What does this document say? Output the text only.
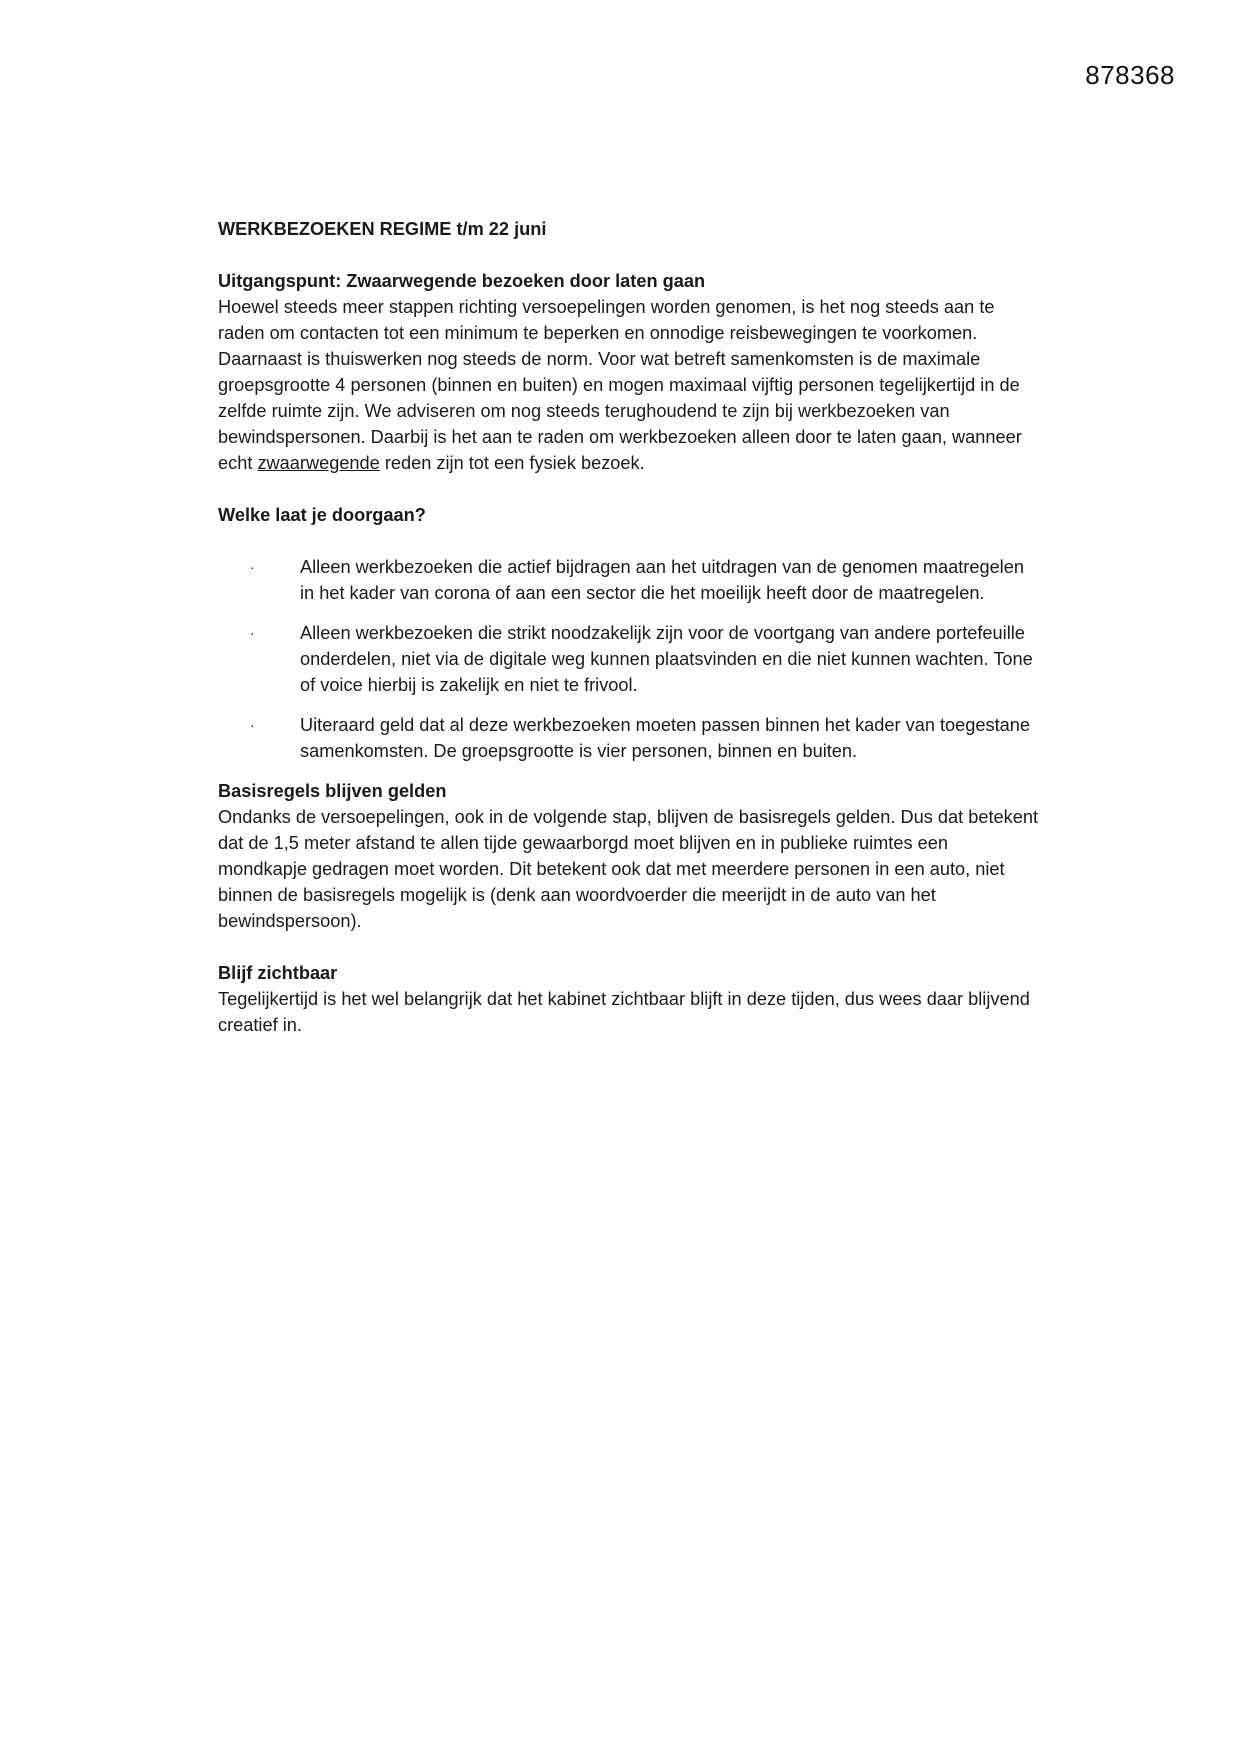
878368

WERKBEZOEKEN REGIME t/m 22 juni

Uitgangspunt: Zwaarwegende bezoeken door laten gaan

Hoewel steeds meer stappen richting versoepelingen worden genomen, is het nog steeds aan te raden om contacten tot een minimum te beperken en onnodige reisbewegingen te voorkomen. Daarnaast is thuiswerken nog steeds de norm. Voor wat betreft samenkomsten is de maximale groepsgrootte 4 personen (binnen en buiten) en mogen maximaal vijftig personen tegelijkertijd in de zelfde ruimte zijn. We adviseren om nog steeds terughoudend te zijn bij werkbezoeken van bewindspersonen. Daarbij is het aan te raden om werkbezoeken alleen door te laten gaan, wanneer echt zwaarwegende reden zijn tot een fysiek bezoek.

Welke laat je doorgaan?

· Alleen werkbezoeken die actief bijdragen aan het uitdragen van de genomen maatregelen in het kader van corona of aan een sector die het moeilijk heeft door de maatregelen.
· Alleen werkbezoeken die strikt noodzakelijk zijn voor de voortgang van andere portefeuille onderdelen, niet via de digitale weg kunnen plaatsvinden en die niet kunnen wachten. Tone of voice hierbij is zakelijk en niet te frivool.
· Uiteraard geld dat al deze werkbezoeken moeten passen binnen het kader van toegestane samenkomsten. De groepsgrootte is vier personen, binnen en buiten.

Basisregels blijven gelden

Ondanks de versoepelingen, ook in de volgende stap, blijven de basisregels gelden. Dus dat betekent dat de 1,5 meter afstand te allen tijde gewaarborgd moet blijven en in publieke ruimtes een mondkapje gedragen moet worden. Dit betekent ook dat met meerdere personen in een auto, niet binnen de basisregels mogelijk is (denk aan woordvoerder die meerijdt in de auto van het bewindspersoon).

Blijf zichtbaar

Tegelijkertijd is het wel belangrijk dat het kabinet zichtbaar blijft in deze tijden, dus wees daar blijvend creatief in.
